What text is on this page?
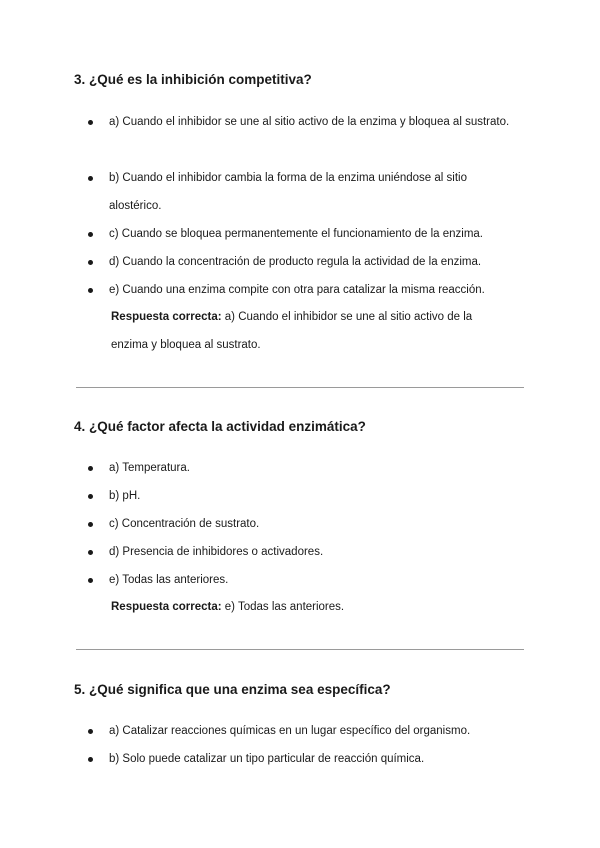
3. ¿Qué es la inhibición competitiva?

a) Cuando el inhibidor se une al sitio activo de la enzima y bloquea al sustrato.

b) Cuando el inhibidor cambia la forma de la enzima uniéndose al sitio alostérico.

c) Cuando se bloquea permanentemente el funcionamiento de la enzima.

d) Cuando la concentración de producto regula la actividad de la enzima.

e) Cuando una enzima compite con otra para catalizar la misma reacción.

Respuesta correcta: a) Cuando el inhibidor se une al sitio activo de la enzima y bloquea al sustrato.

4. ¿Qué factor afecta la actividad enzimática?

a) Temperatura.

b) pH.

c) Concentración de sustrato.

d) Presencia de inhibidores o activadores.

e) Todas las anteriores.

Respuesta correcta: e) Todas las anteriores.

5. ¿Qué significa que una enzima sea específica?

a) Catalizar reacciones químicas en un lugar específico del organismo.

b) Solo puede catalizar un tipo particular de reacción química.
